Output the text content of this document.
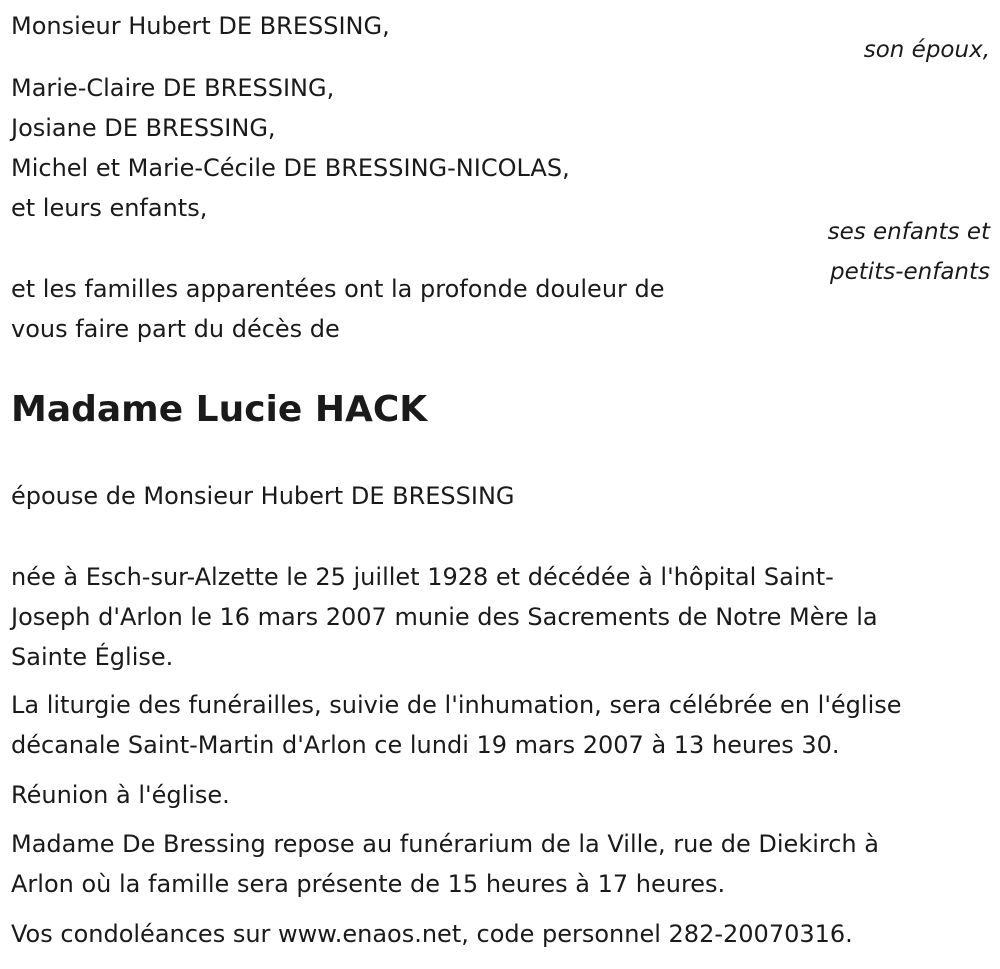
Monsieur Hubert DE BRESSING,
son époux,
Marie-Claire DE BRESSING,
Josiane DE BRESSING,
Michel et Marie-Cécile DE BRESSING-NICOLAS,
et leurs enfants,
ses enfants et
petits-enfants
et les familles apparentées ont la profonde douleur de
vous faire part du décès de
Madame Lucie HACK
épouse de Monsieur Hubert DE BRESSING
née à Esch-sur-Alzette le 25 juillet 1928 et décédée à l'hôpital Saint-
Joseph d'Arlon le 16 mars 2007 munie des Sacrements de Notre Mère la
Sainte Église.
La liturgie des funérailles, suivie de l'inhumation, sera célébrée en l'église
décanale Saint-Martin d'Arlon ce lundi 19 mars 2007 à 13 heures 30.
Réunion à l'église.
Madame De Bressing repose au funérarium de la Ville, rue de Diekirch à
Arlon où la famille sera présente de 15 heures à 17 heures.
Vos condoléances sur www.enaos.net, code personnel 282-20070316.
